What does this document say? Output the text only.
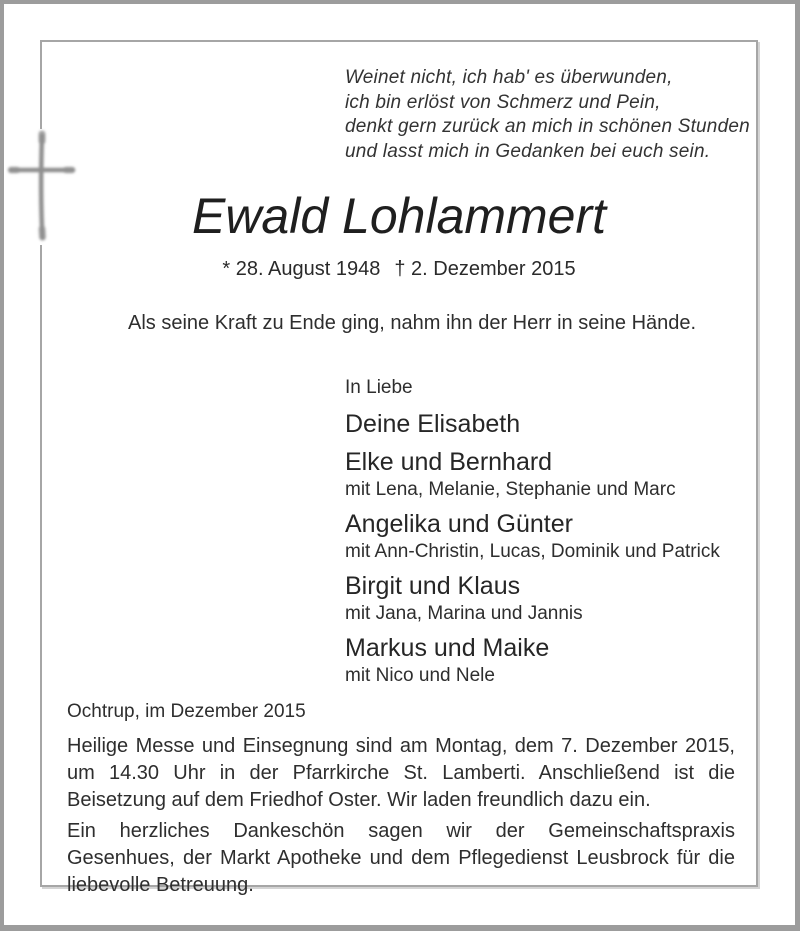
Weinet nicht, ich hab' es überwunden,
ich bin erlöst von Schmerz und Pein,
denkt gern zurück an mich in schönen Stunden
und lasst mich in Gedanken bei euch sein.
Ewald Lohlammert
* 28. August 1948 † 2. Dezember 2015
Als seine Kraft zu Ende ging, nahm ihn der Herr in seine Hände.
In Liebe
Deine Elisabeth
Elke und Bernhard
mit Lena, Melanie, Stephanie und Marc
Angelika und Günter
mit Ann-Christin, Lucas, Dominik und Patrick
Birgit und Klaus
mit Jana, Marina und Jannis
Markus und Maike
mit Nico und Nele
Ochtrup, im Dezember 2015
Heilige Messe und Einsegnung sind am Montag, dem 7. Dezember 2015, um 14.30 Uhr in der Pfarrkirche St. Lamberti. Anschließend ist die Beisetzung auf dem Friedhof Oster. Wir laden freundlich dazu ein.
Ein herzliches Dankeschön sagen wir der Gemeinschaftspraxis Gesenhues, der Markt Apotheke und dem Pflegedienst Leusbrock für die liebevolle Betreuung.
